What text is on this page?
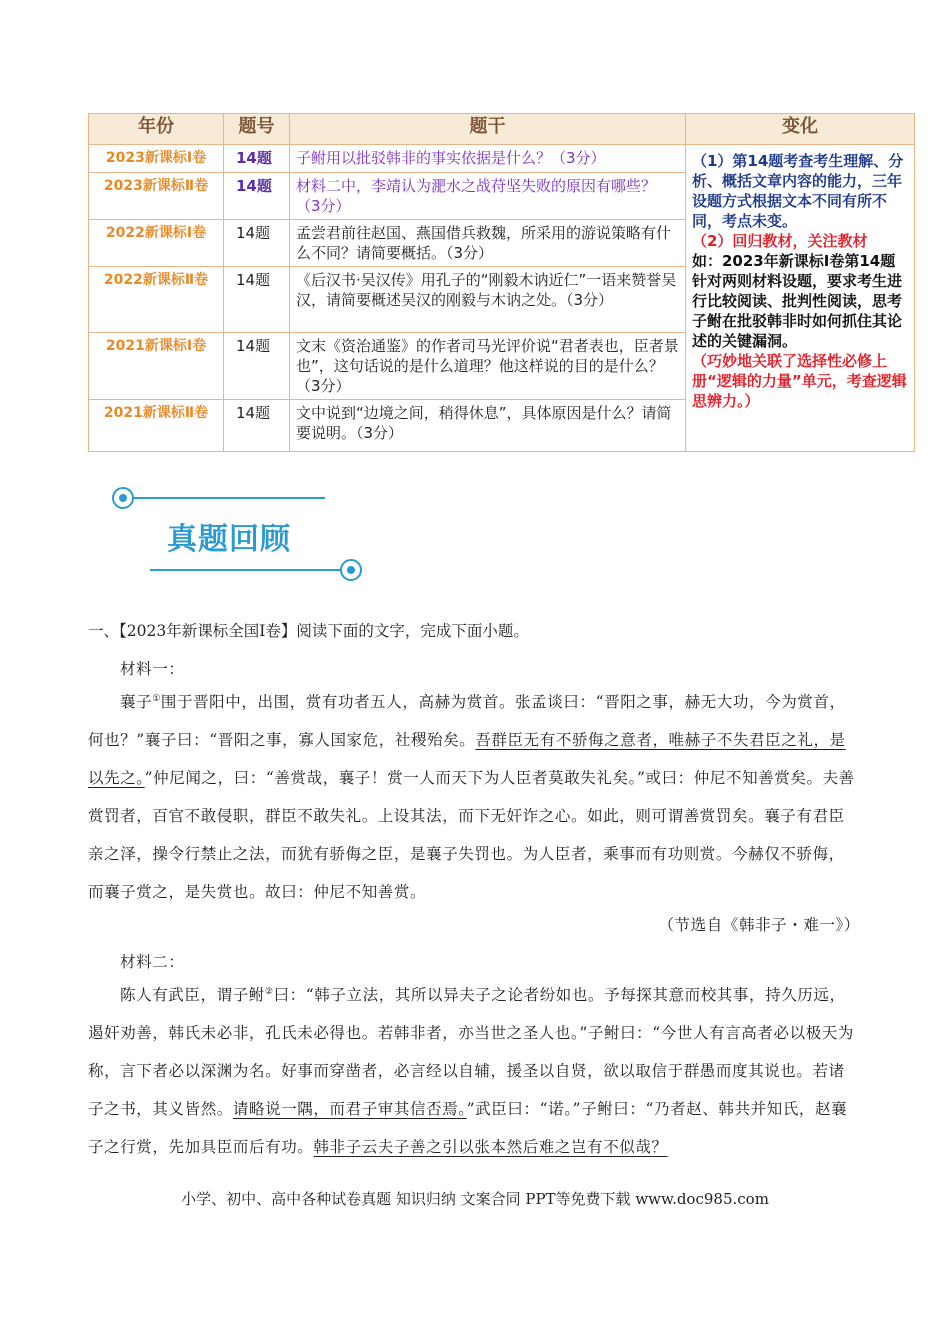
年份	题号	题干	变化
2023新课标Ⅰ卷	14题	子鲋用以批驳韩非的事实依据是什么？（3分）	（1）第14题考查考生理解、分析、概括文章内容的能力，三年设题方式根据文本不同有所不同，考点未变。
（2）回归教材，关注教材
如：2023年新课标Ⅰ卷第14题针对两则材料设题，要求考生进行比较阅读、批判性阅读，思考子鲋在批驳韩非时如何抓住其论述的关键漏洞。
（巧妙地关联了选择性必修上册“逻辑的力量”单元，考查逻辑思辨力。）

2023新课标Ⅱ卷	14题	材料二中，李靖认为淝水之战苻坚失败的原因有哪些？（3分）	
2022新课标Ⅰ卷	14题	孟尝君前往赵国、燕国借兵救魏，所采用的游说策略有什么不同？请简要概括。（3分）	
2022新课标Ⅱ卷	14题	《后汉书·吴汉传》用孔子的“刚毅木讷近仁”一语来赞誉吴汉，请简要概述吴汉的刚毅与木讷之处。（3分）	
2021新课标Ⅰ卷	14题	文末《资治通鉴》的作者司马光评价说“君者表也，臣者景也”，这句话说的是什么道理？他这样说的目的是什么？（3分）	
2021新课标Ⅱ卷	14题	文中说到“边境之间，稍得休息”，具体原因是什么？请简要说明。（3分）	
真题回顾
一、【2023年新课标全国Ⅰ卷】阅读下面的文字，完成下面小题。
材料一：
襄子①围于晋阳中，出围，赏有功者五人，高赫为赏首。张孟谈曰：“晋阳之事，赫无大功，今为赏首，何也？”襄子曰：“晋阳之事，寡人国家危，社稷殆矣。吾群臣无有不骄侮之意者，唯赫子不失君臣之礼，是以先之。”仲尼闻之，曰：“善赏哉，襄子！赏一人而天下为人臣者莫敢失礼矣。”或曰：仲尼不知善赏矣。夫善赏罚者，百官不敢侵职，群臣不敢失礼。上设其法，而下无奸诈之心。如此，则可谓善赏罚矣。襄子有君臣亲之泽，操令行禁止之法，而犹有骄侮之臣，是襄子失罚也。为人臣者，乘事而有功则赏。今赫仅不骄侮，而襄子赏之，是失赏也。故曰：仲尼不知善赏。
（节选自《韩非子・难一》）
材料二：
陈人有武臣，谓子鲋②曰：“韩子立法，其所以异夫子之论者纷如也。予每探其意而校其事，持久历远，遏奸劝善，韩氏未必非，孔氏未必得也。若韩非者，亦当世之圣人也。”子鲋曰：“今世人有言高者必以极天为称，言下者必以深渊为名。好事而穿凿者，必言经以自辅，援圣以自贤，欲以取信于群愚而度其说也。若诸子之书，其义皆然。请略说一隅，而君子审其信否焉。”武臣曰：“诺。”子鲋曰：“乃者赵、韩共并知氏，赵襄子之行赏，先加具臣而后有功。韩非子云夫子善之引以张本然后难之岂有不似哉？
小学、初中、高中各种试卷真题 知识归纳 文案合同 PPT等免费下载 www.doc985.com
